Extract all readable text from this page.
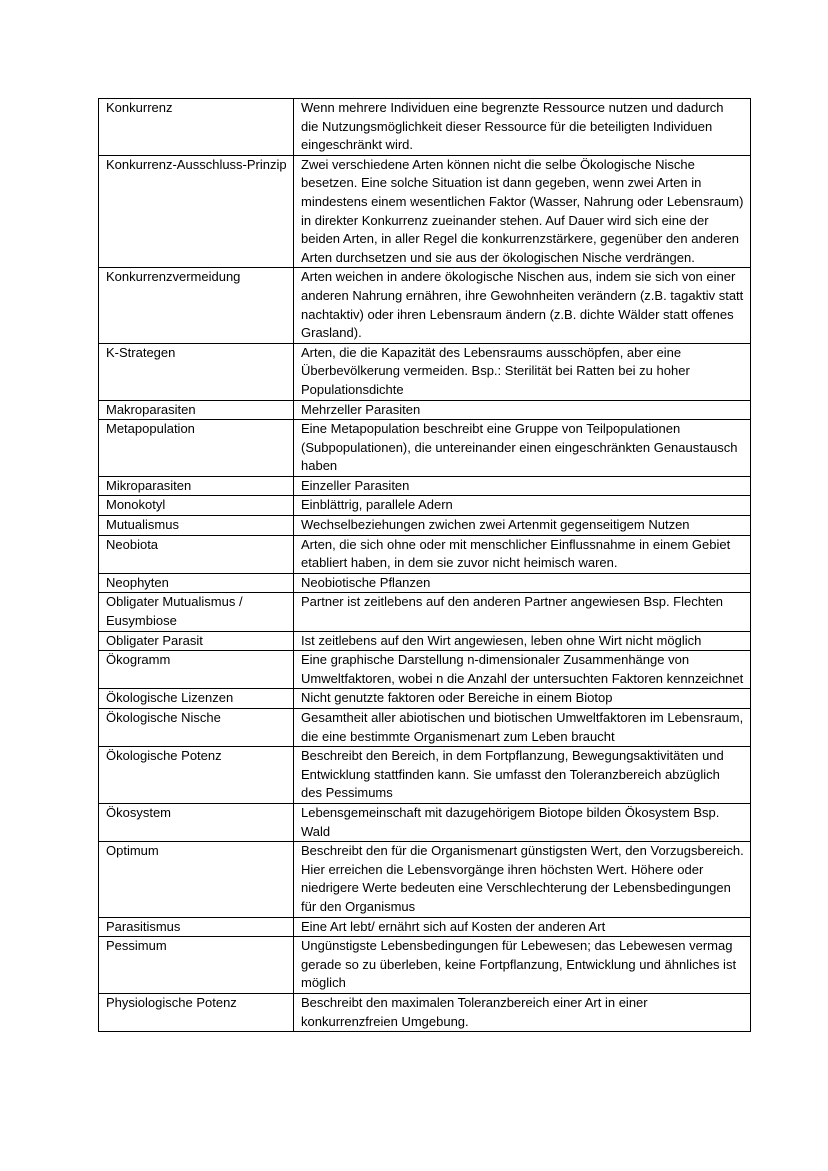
Konkurrenz	Wenn mehrere Individuen eine begrenzte Ressource nutzen und dadurch die Nutzungsmöglichkeit dieser Ressource für die beteiligten Individuen eingeschränkt wird.
Konkurrenz-Ausschluss-Prinzip	Zwei verschiedene Arten können nicht die selbe Ökologische Nische besetzen. Eine solche Situation ist dann gegeben, wenn zwei Arten in mindestens einem wesentlichen Faktor (Wasser, Nahrung oder Lebensraum) in direkter Konkurrenz zueinander stehen. Auf Dauer wird sich eine der beiden Arten, in aller Regel die konkurrenzstärkere, gegenüber den anderen Arten durchsetzen und sie aus der ökologischen Nische verdrängen.
Konkurrenzvermeidung	Arten weichen in andere ökologische Nischen aus, indem sie sich von einer anderen Nahrung ernähren, ihre Gewohnheiten verändern (z.B. tagaktiv statt nachtaktiv) oder ihren Lebensraum ändern (z.B. dichte Wälder statt offenes Grasland).
K-Strategen	Arten, die die Kapazität des Lebensraums ausschöpfen, aber eine Überbevölkerung vermeiden. Bsp.: Sterilität bei Ratten bei zu hoher Populationsdichte
Makroparasiten	Mehrzeller Parasiten
Metapopulation	Eine Metapopulation beschreibt eine Gruppe von Teilpopulationen (Subpopulationen), die untereinander einen eingeschränkten Genaustausch haben
Mikroparasiten	Einzeller Parasiten
Monokotyl	Einblättrig, parallele Adern
Mutualismus	Wechselbeziehungen zwichen zwei Artenmit gegenseitigem Nutzen
Neobiota	Arten, die sich ohne oder mit menschlicher Einflussnahme in einem Gebiet etabliert haben, in dem sie zuvor nicht heimisch waren.
Neophyten	Neobiotische Pflanzen
Obligater Mutualismus / Eusymbiose	Partner ist zeitlebens auf den anderen Partner angewiesen Bsp. Flechten
Obligater Parasit	Ist zeitlebens auf den Wirt angewiesen, leben ohne Wirt nicht möglich
Ökogramm	Eine graphische Darstellung n-dimensionaler Zusammenhänge von Umweltfaktoren, wobei n die Anzahl der untersuchten Faktoren kennzeichnet
Ökologische Lizenzen	Nicht genutzte faktoren oder Bereiche in einem Biotop
Ökologische Nische	Gesamtheit aller abiotischen und biotischen Umweltfaktoren im Lebensraum, die eine bestimmte Organismenart zum Leben braucht
Ökologische Potenz	Beschreibt den Bereich, in dem Fortpflanzung, Bewegungsaktivitäten und Entwicklung stattfinden kann. Sie umfasst den Toleranzbereich abzüglich des Pessimums
Ökosystem	Lebensgemeinschaft mit dazugehörigem Biotope bilden Ökosystem Bsp. Wald
Optimum	Beschreibt den für die Organismenart günstigsten Wert, den Vorzugsbereich. Hier erreichen die Lebensvorgänge ihren höchsten Wert. Höhere oder niedrigere Werte bedeuten eine Verschlechterung der Lebensbedingungen für den Organismus
Parasitismus	Eine Art lebt/ ernährt sich auf Kosten der anderen Art
Pessimum	Ungünstigste Lebensbedingungen für Lebewesen; das Lebewesen vermag gerade so zu überleben, keine Fortpflanzung, Entwicklung und ähnliches ist möglich
Physiologische Potenz	Beschreibt den maximalen Toleranzbereich einer Art in einer konkurrenzfreien Umgebung.
